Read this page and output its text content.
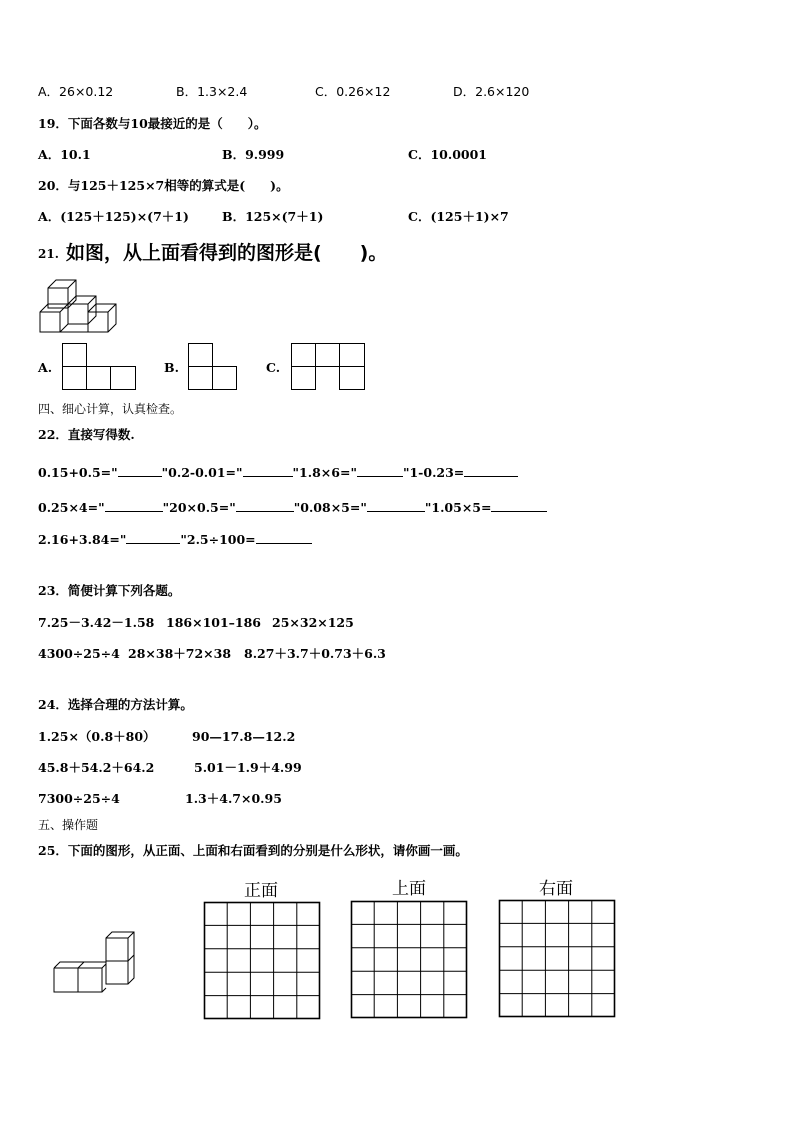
A．26×0.12	B．1.3×2.4	C．0.26×12	D．2.6×120
19．下面各数与10最接近的是（　　）。
A．10.1	B．9.999	C．10.0001
20．与125＋125×7相等的算式是(　　)。
A．(125＋125)×(7＋1)	B．125×(7＋1)	C．(125＋1)×7
21. 如图，从上面看得到的图形是(　　)。
A.	B.	C.
四、细心计算，认真检查。
22．直接写得数.
0.15+0.5="	"0.2-0.01="	"1.8×6="	"1-0.23=
0.25×4="	"20×0.5="	"0.08×5="	"1.05×5=
2.16+3.84="	"2.5÷100=
23．简便计算下列各题。
7.25－3.42－1.58 186×101–186 25×32×125
4300÷25÷4 28×38＋72×38 8.27＋3.7＋0.73＋6.3
24．选择合理的方法计算。
1.25×（0.8＋80）	90—17.8—12.2
45.8＋54.2＋64.2	5.01－1.9＋4.99
7300÷25÷4	1.3＋4.7×0.95
五、操作题
25．下面的图形，从正面、上面和右面看到的分别是什么形状，请你画一画。
正面	上面	右面
